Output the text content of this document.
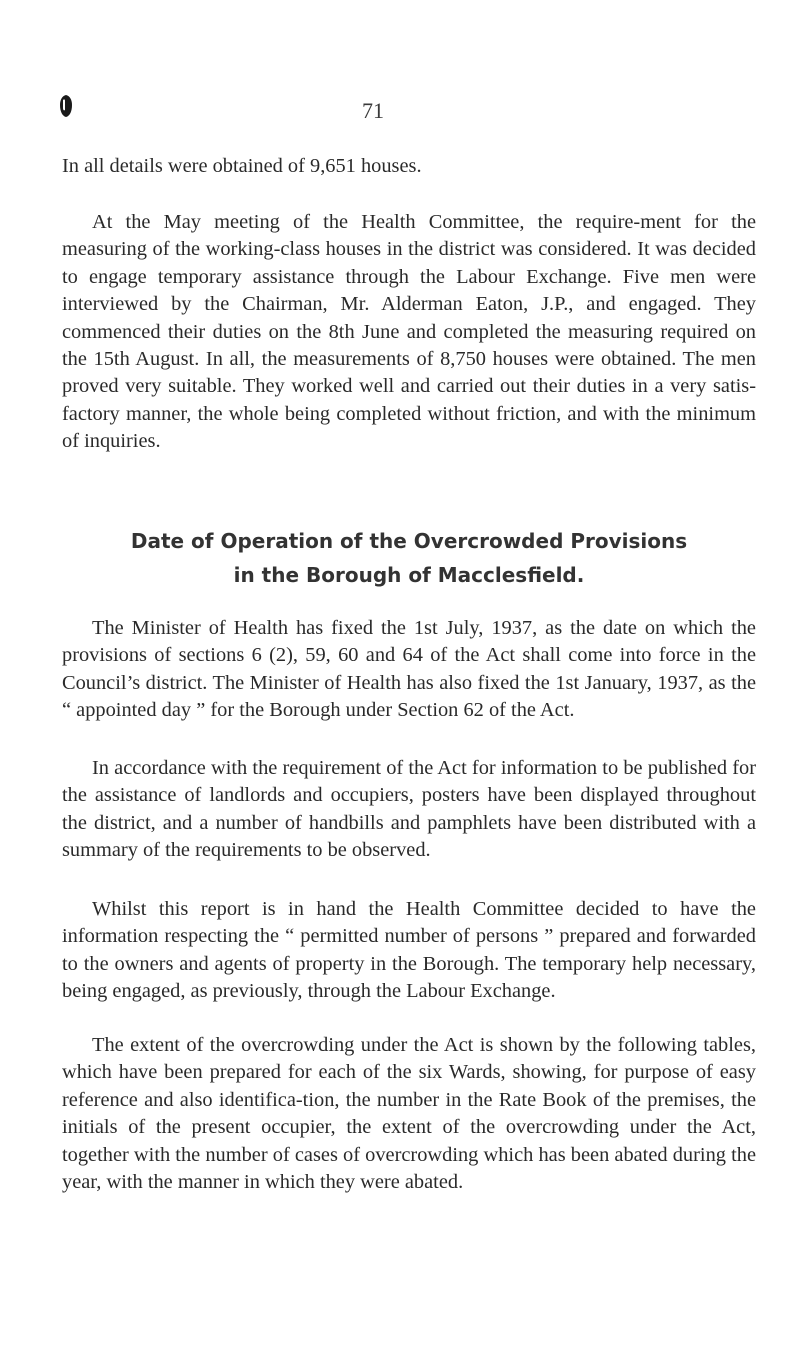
71

In all details were obtained of 9,651 houses.

At the May meeting of the Health Committee, the require-ment for the measuring of the working-class houses in the district was considered. It was decided to engage temporary assistance through the Labour Exchange. Five men were interviewed by the Chairman, Mr. Alderman Eaton, J.P., and engaged. They commenced their duties on the 8th June and completed the measuring required on the 15th August. In all, the measurements of 8,750 houses were obtained. The men proved very suitable. They worked well and carried out their duties in a very satis-factory manner, the whole being completed without friction, and with the minimum of inquiries.

Date of Operation of the Overcrowded Provisions
in the Borough of Macclesfield.

The Minister of Health has fixed the 1st July, 1937, as the date on which the provisions of sections 6 (2), 59, 60 and 64 of the Act shall come into force in the Council’s district. The Minister of Health has also fixed the 1st January, 1937, as the “ appointed day ” for the Borough under Section 62 of the Act.

In accordance with the requirement of the Act for information to be published for the assistance of landlords and occupiers, posters have been displayed throughout the district, and a number of handbills and pamphlets have been distributed with a summary of the requirements to be observed.

Whilst this report is in hand the Health Committee decided to have the information respecting the “ permitted number of persons ” prepared and forwarded to the owners and agents of property in the Borough. The temporary help necessary, being engaged, as previously, through the Labour Exchange.

The extent of the overcrowding under the Act is shown by the following tables, which have been prepared for each of the six Wards, showing, for purpose of easy reference and also identifica-tion, the number in the Rate Book of the premises, the initials of the present occupier, the extent of the overcrowding under the Act, together with the number of cases of overcrowding which has been abated during the year, with the manner in which they were abated.
